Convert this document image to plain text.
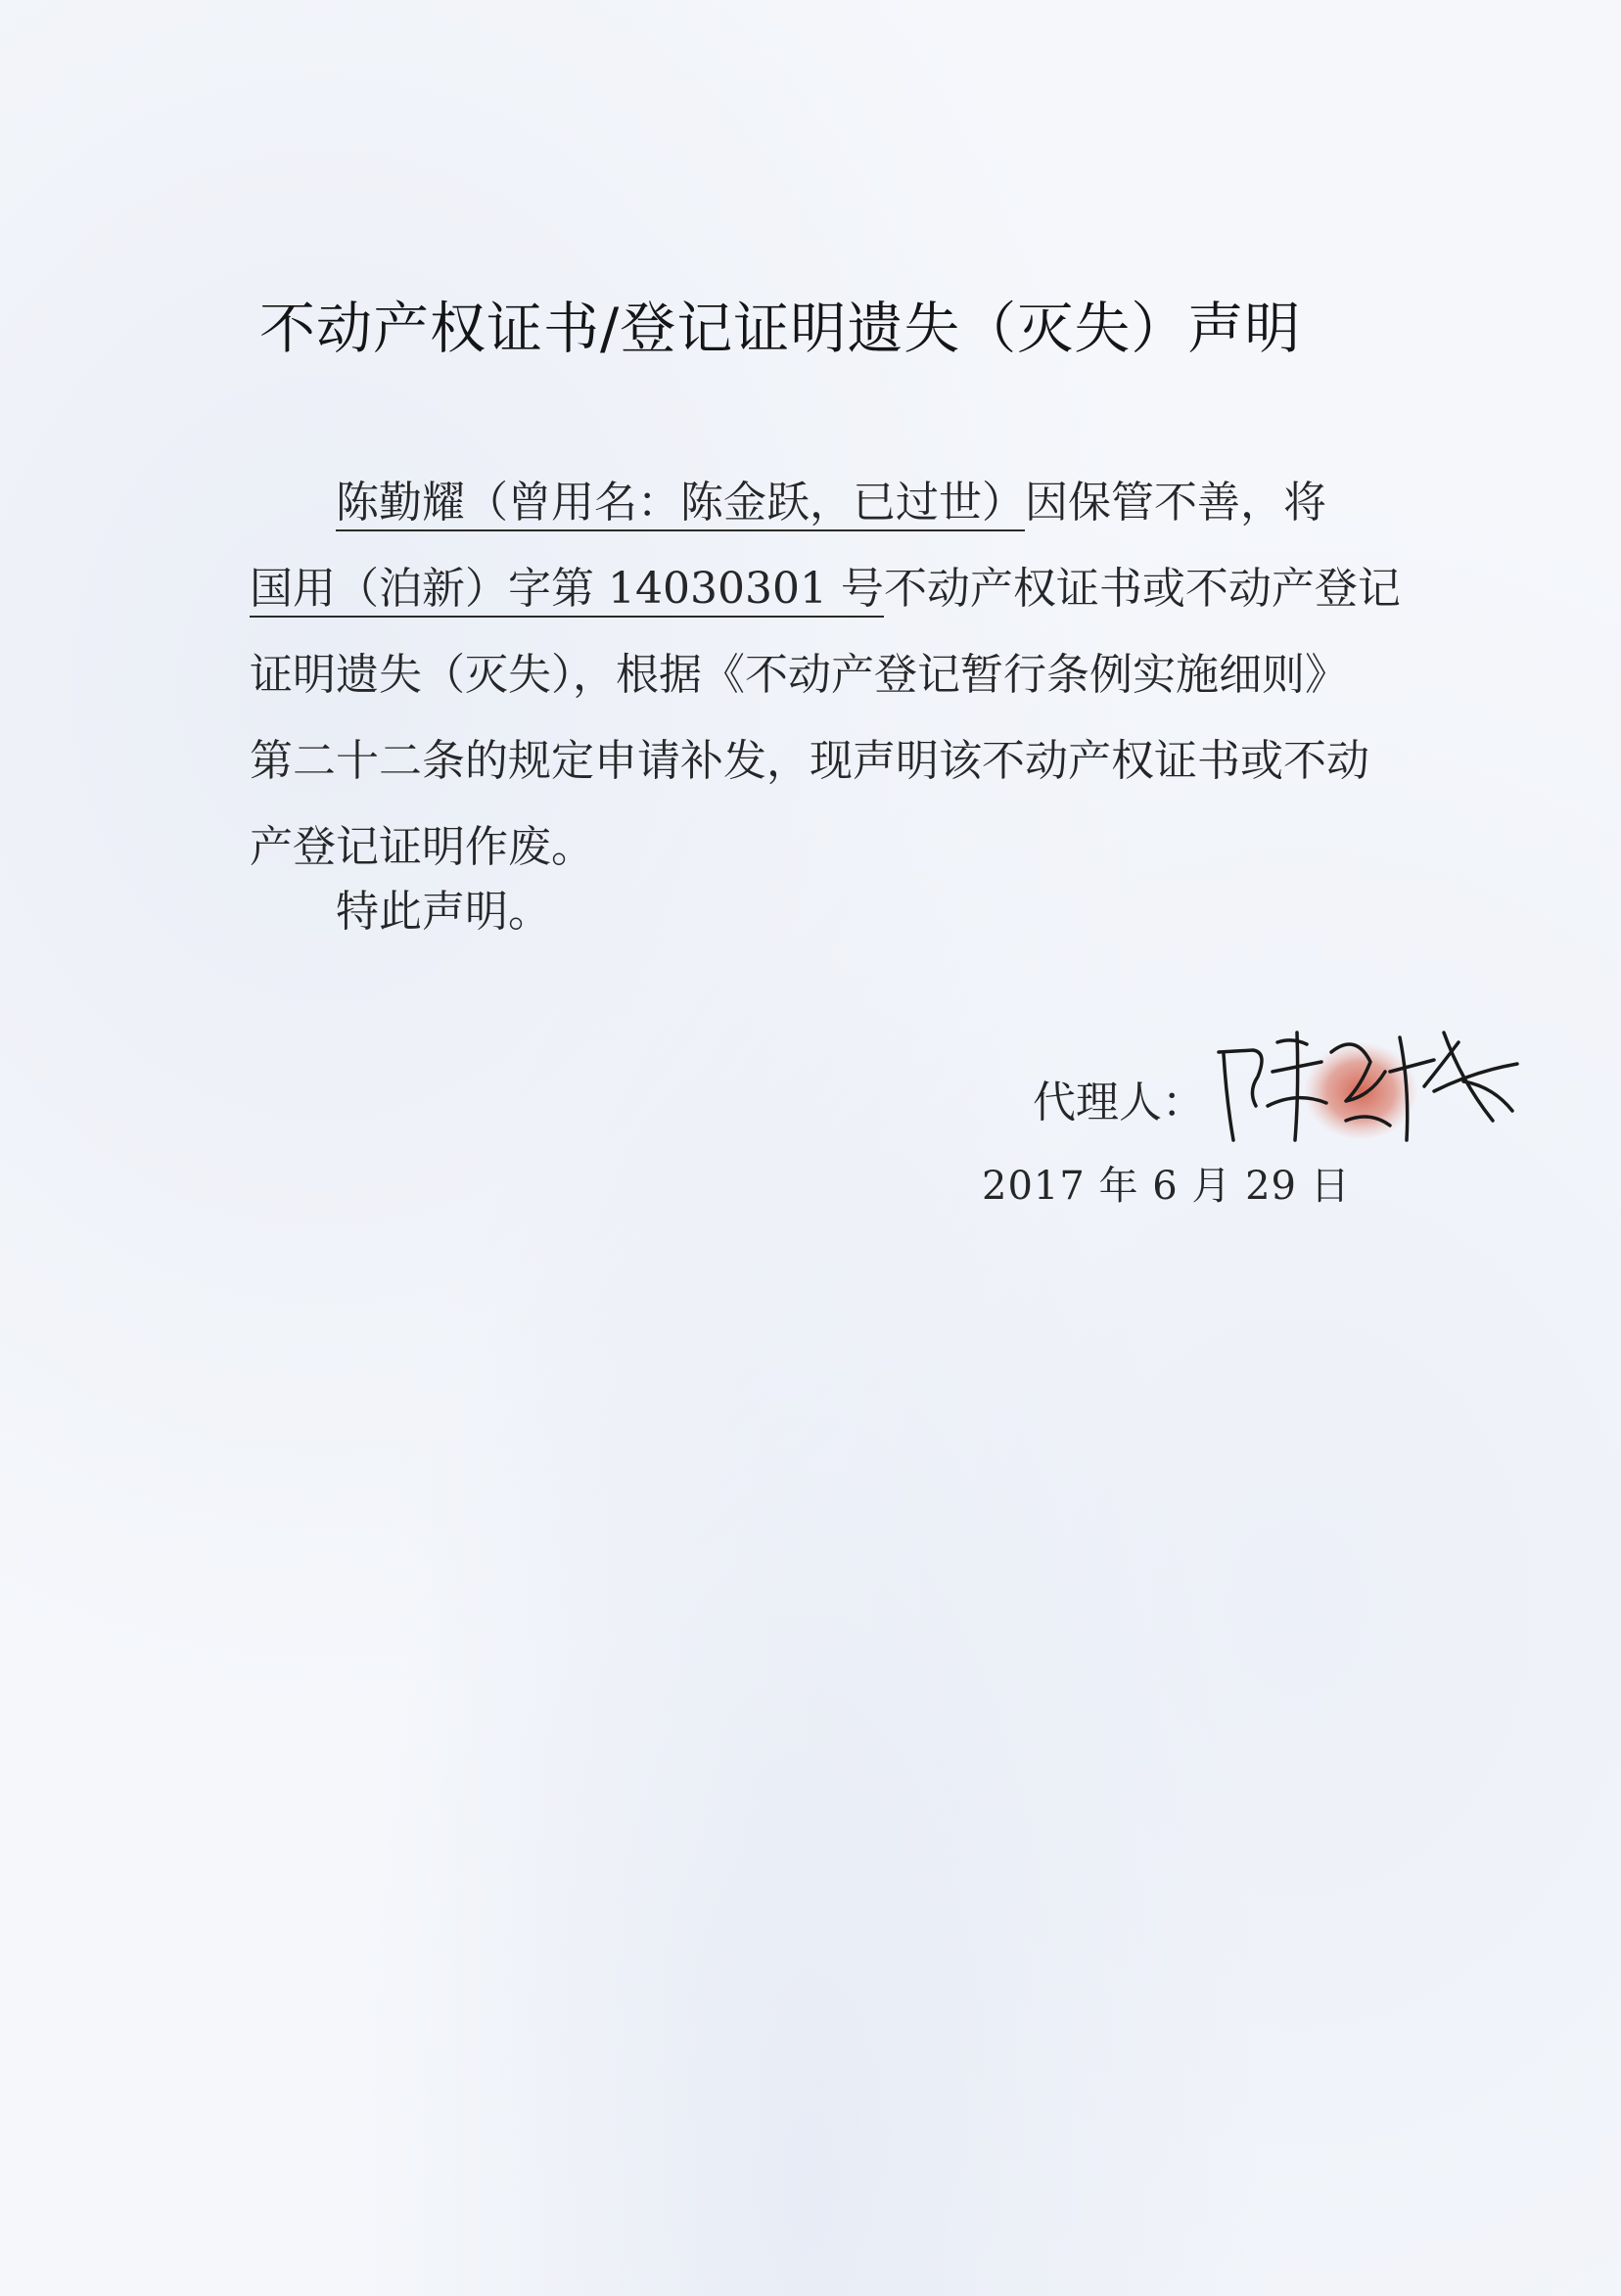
不动产权证书/登记证明遗失（灭失）声明
陈勤耀（曾用名：陈金跃，已过世）因保管不善，将
国用（泊新）字第 14030301 号不动产权证书或不动产登记
证明遗失（灭失），根据《不动产登记暂行条例实施细则》
第二十二条的规定申请补发，现声明该不动产权证书或不动
产登记证明作废。
特此声明。
代理人：
2017 年 6 月 29 日
